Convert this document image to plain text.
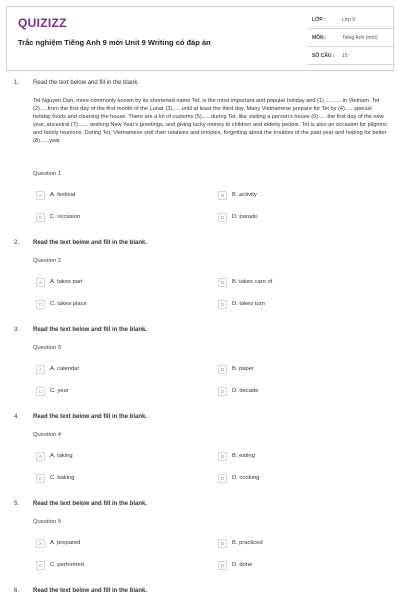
QUIZIZZ
Trắc nghiệm Tiếng Anh 9 mới Unit 9 Writing có đáp án
LỚP :	Lớp 9
MÔN :	Tiếng Anh (mới)
SỐ CÂU : 15
1. Read the text below and fill in the blank.
Tet Nguyen Dan, more commonly known by its shortened name Tet, is the most important and popular holiday and (1)........... in Vietnam. Tet (2).....from the first day of the first month of the Lunar (3)..... until at least the third day. Many Vietnamese prepare for Tet by (4)......special holiday foods and cleaning the house. There are a lot of customs (5)......during Tet, like visiting a person's house (6)......the first day of the new year, ancestral (7)......, wishing New Year's greetings, and giving lucky money to children and elderly people. Tet is also an occasion for pilgrims and family reunions. During Tet, Vietnamese visit their relatives and temples, forgetting about the troubles of the past year and hoping for better (8)......year.
Question 1
A	A. festival	B	B. activity
C	C. occasion	D	D. parade
2. Read the text below and fill in the blank.
Question 2
A	A. takes part	B	B. takes care of
C	C. takes place	D	D. takes turn
3. Read the text below and fill in the blank.
Question 3
A	A. calendar	B	B. paper
C	C. year	D	D. decade
4. Read the text below and fill in the blank.
Question 4
A	A. taking	B	B. eating
C	C. baking	D	D. cooking
5. Read the text below and fill in the blank.
Question 5
A	A. prepared	B	B. practiced
C	C. performed	D	D. done
6. Read the text below and fill in the blank.
